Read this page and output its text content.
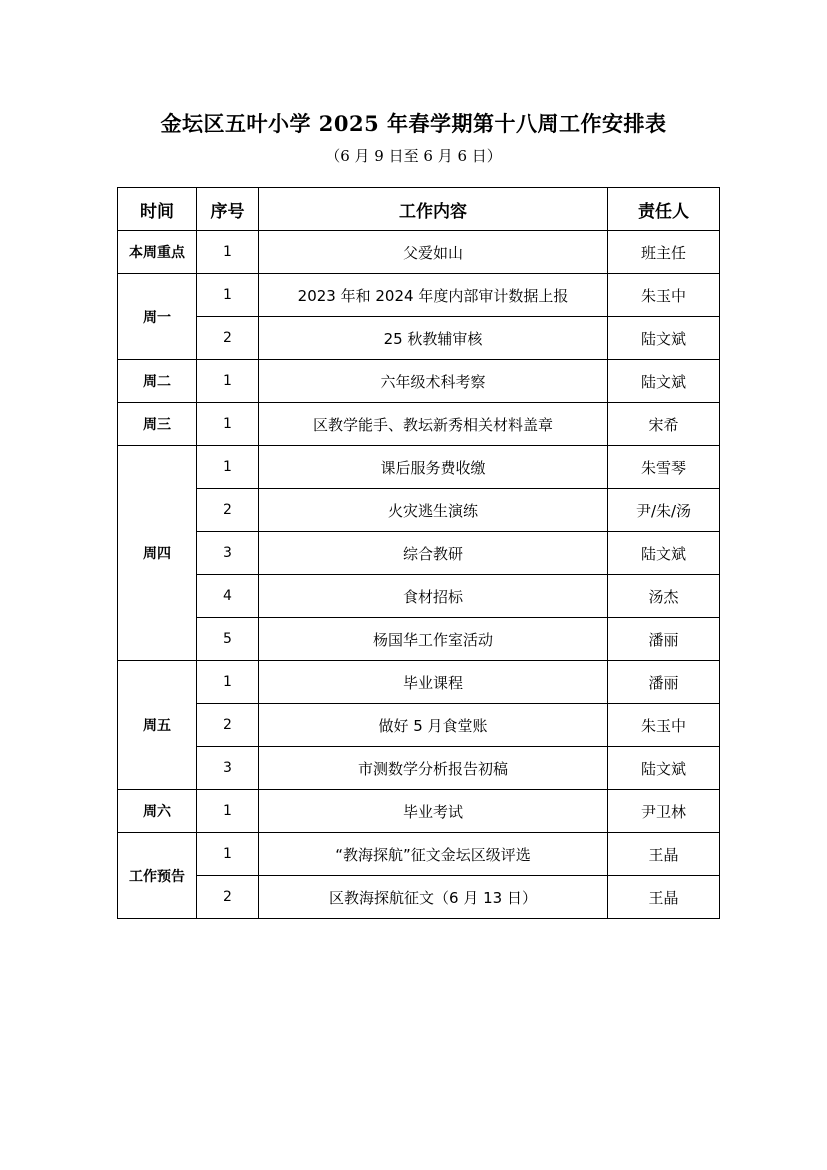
金坛区五叶小学 2025 年春学期第十八周工作安排表
（6 月 9 日至 6 月 6 日）
时间	序号	工作内容	责任人
本周重点	1	父爱如山	班主任
周一	1	2023 年和 2024 年度内部审计数据上报	朱玉中
	2	25 秋教辅审核	陆文斌
周二	1	六年级术科考察	陆文斌
周三	1	区教学能手、教坛新秀相关材料盖章	宋希
周四	1	课后服务费收缴	朱雪琴
	2	火灾逃生演练	尹/朱/汤
	3	综合教研	陆文斌
	4	食材招标	汤杰
	5	杨国华工作室活动	潘丽
周五	1	毕业课程	潘丽
	2	做好 5 月食堂账	朱玉中
	3	市测数学分析报告初稿	陆文斌
周六	1	毕业考试	尹卫林
工作预告	1	“教海探航”征文金坛区级评选	王晶
	2	区教海探航征文（6 月 13 日）	王晶
